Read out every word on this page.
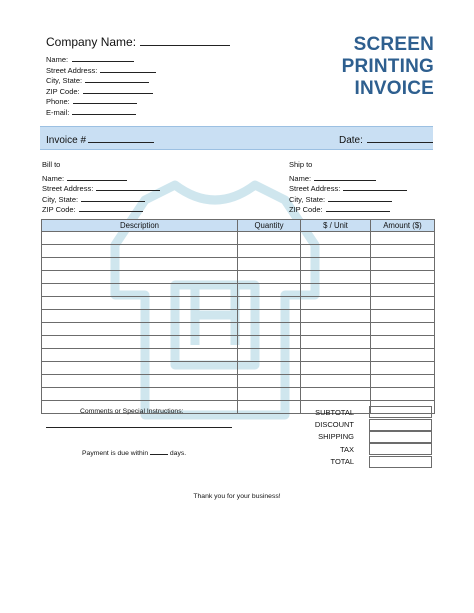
Company Name:
Name:
Street Address:
City, State:
ZIP Code:
Phone:
E-mail:
SCREEN
PRINTING
INVOICE
Invoice #	Date:
Bill to
Name:
Street Address:
City, State:
ZIP Code:
Ship to
Name:
Street Address:
City, State:
ZIP Code:
Description	Quantity	$ / Unit	Amount ($)

Comments or Special Instructions:
Payment is due within	days.
SUBTOTAL
DISCOUNT
SHIPPING
TAX
TOTAL
Thank you for your business!
